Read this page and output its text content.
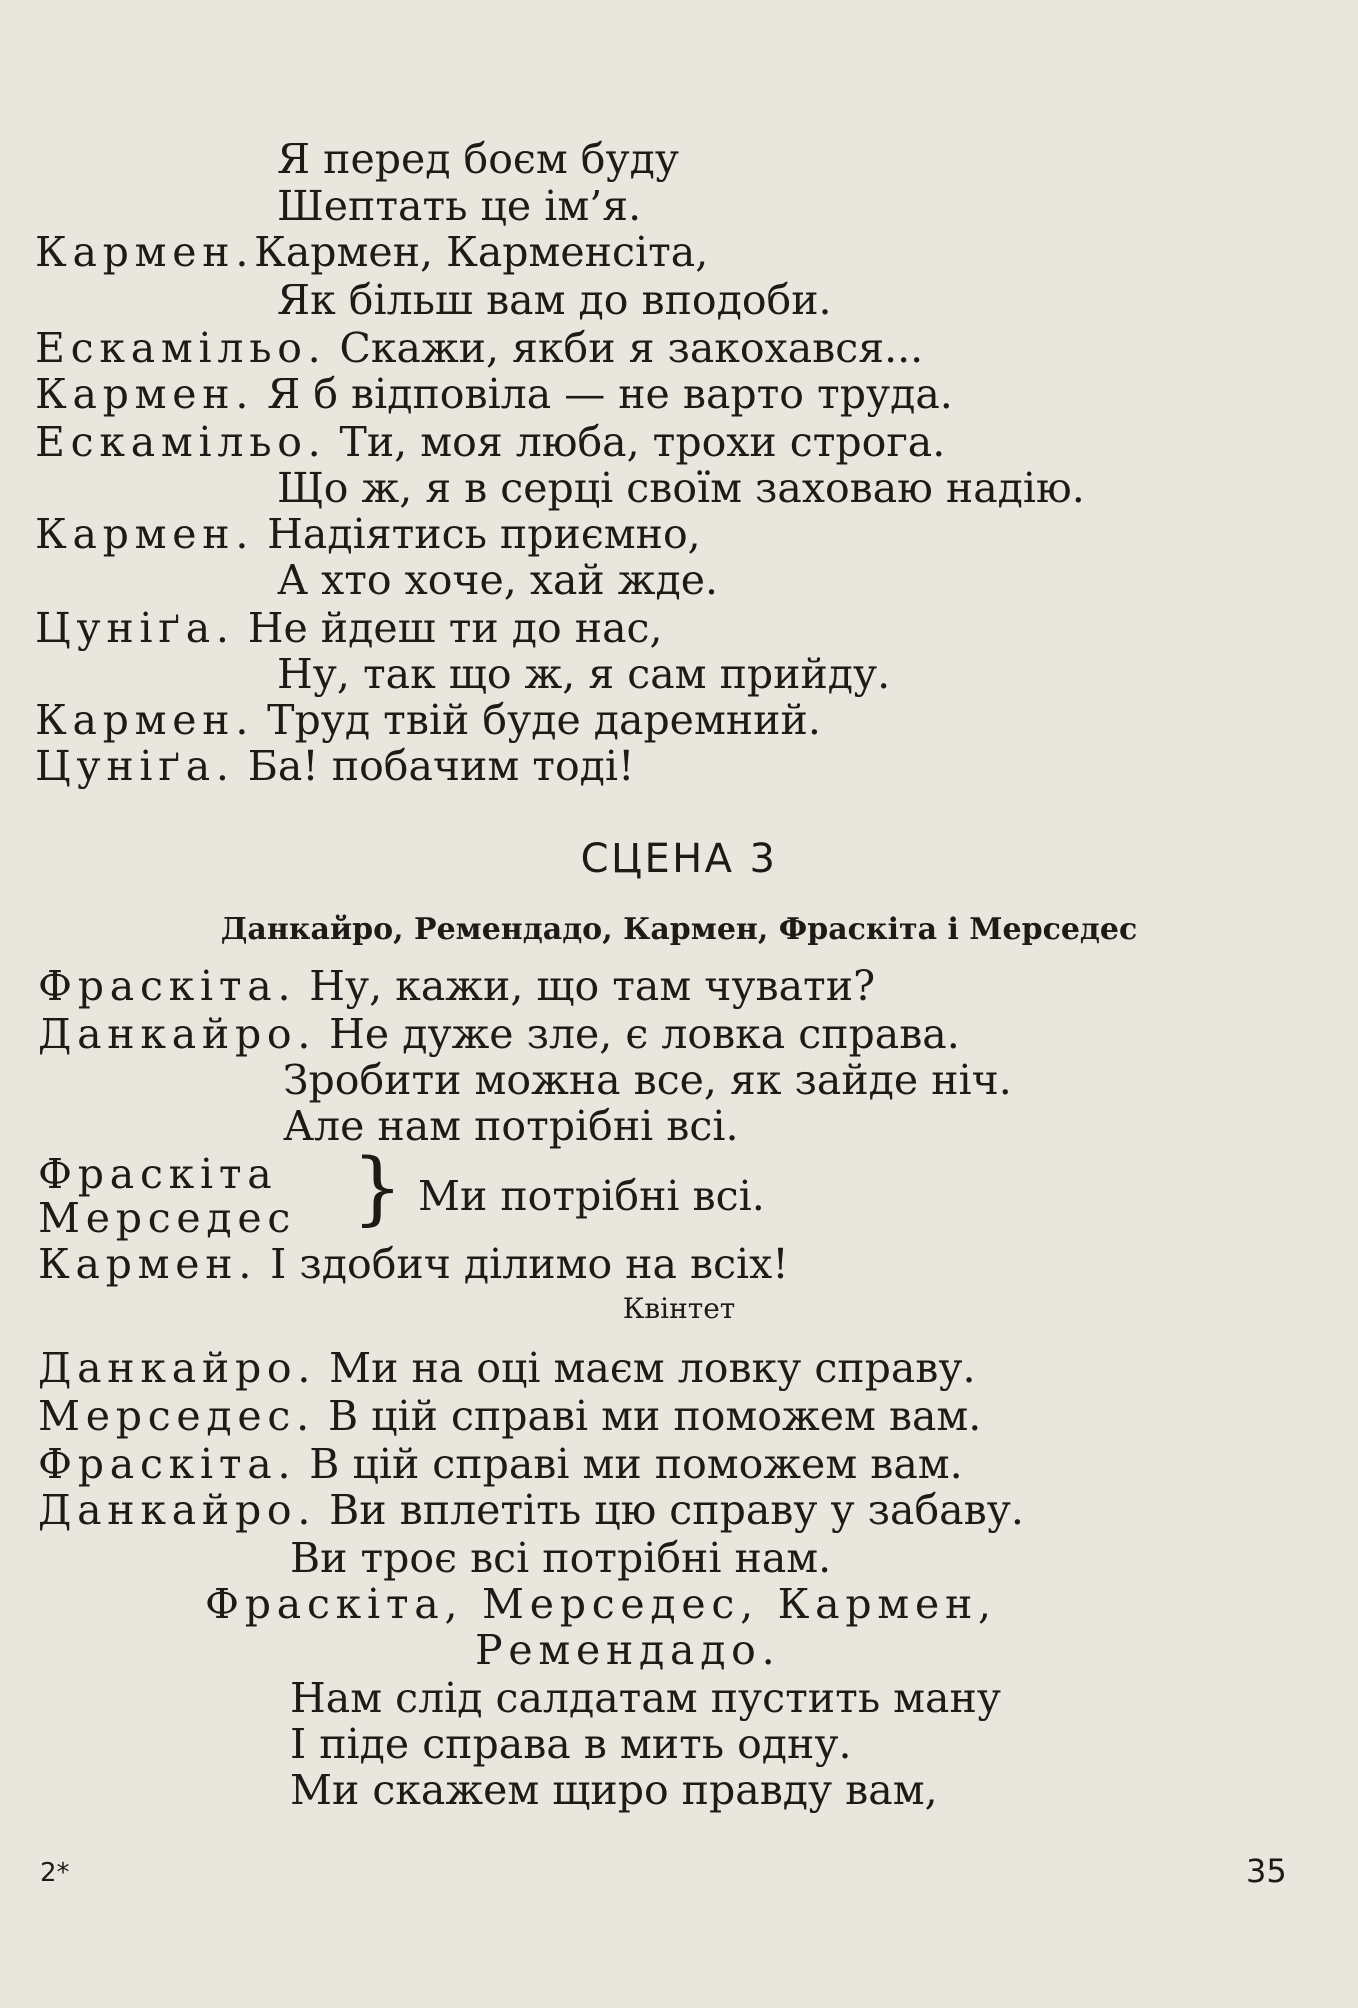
Я перед боєм буду
Шептать це ім’я.
Кармен.Кармен, Карменсіта,
Як більш вам до вподоби.
Ескамільо. Скажи, якби я закохався...
Кармен. Я б відповіла — не варто труда.
Ескамільо. Ти, моя люба, трохи строга.
Що ж, я в серці своїм заховаю надію.
Кармен. Надіятись приємно,
А хто хоче, хай жде.
Цуніґа. Не йдеш ти до нас,
Ну, так що ж, я сам прийду.
Кармен. Труд твій буде даремний.
Цуніґа. Ба! побачим тоді!
СЦЕНА 3
Данкайро, Ремендадо, Кармен, Фраскіта і Мерседес
Фраскіта. Ну, кажи, що там чувати?
Данкайро. Не дуже зле, є ловка справа.
Зробити можна все, як зайде ніч.
Але нам потрібні всі.
Фраскіта
Мерседес } Ми потрібні всі.
Кармен. І здобич ділимо на всіх!
Квінтет
Данкайро. Ми на оці маєм ловку справу.
Мерседес. В цій справі ми поможем вам.
Фраскіта. В цій справі ми поможем вам.
Данкайро. Ви вплетіть цю справу у забаву.
Ви троє всі потрібні нам.
Фраскіта, Мерседес, Кармен,
Ремендадо.
Нам слід салдатам пустить ману
І піде справа в мить одну.
Ми скажем щиро правду вам,
2*	35
